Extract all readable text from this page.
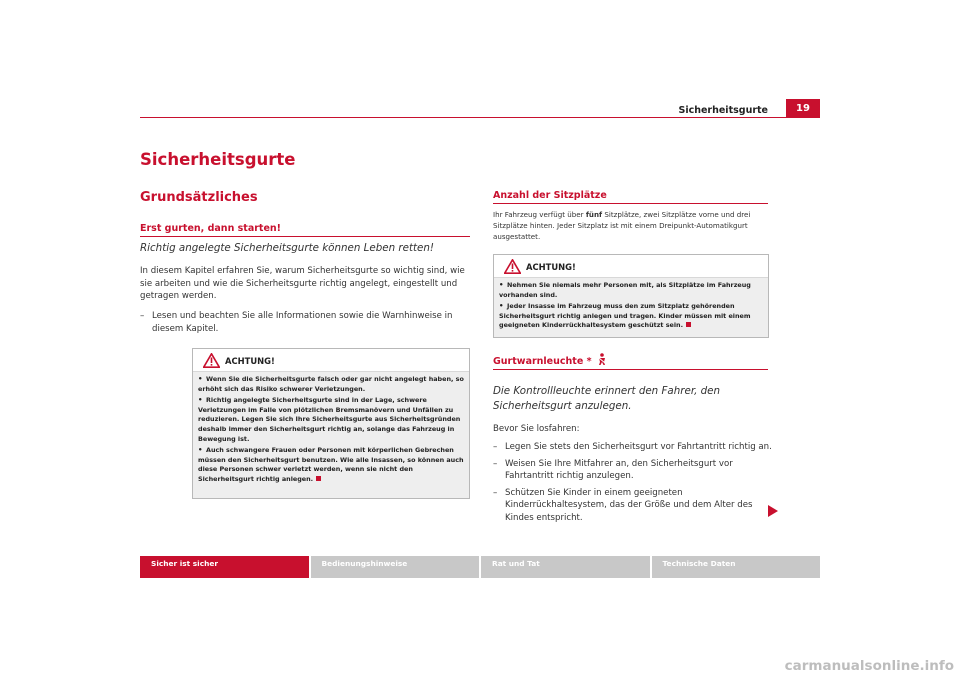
Sicherheitsgurte	19
Sicherheitsgurte
Grundsätzliches
Erst gurten, dann starten!
Richtig angelegte Sicherheitsgurte können Leben retten!
In diesem Kapitel erfahren Sie, warum Sicherheitsgurte so wichtig sind, wie sie arbeiten und wie die Sicherheitsgurte richtig angelegt, eingestellt und getragen werden.
– Lesen und beachten Sie alle Informationen sowie die Warnhinweise in diesem Kapitel.
ACHTUNG!

• Wenn Sie die Sicherheitsgurte falsch oder gar nicht angelegt haben, so erhöht sich das Risiko schwerer Verletzungen.

• Richtig angelegte Sicherheitsgurte sind in der Lage, schwere Verletzungen im Falle von plötzlichen Bremsmanövern und Unfällen zu reduzieren. Legen Sie sich Ihre Sicherheitsgurte aus Sicherheitsgründen deshalb immer den Sicherheitsgurt richtig an, solange das Fahrzeug in Bewegung ist.

• Auch schwangere Frauen oder Personen mit körperlichen Gebrechen müssen den Sicherheitsgurt benutzen. Wie alle Insassen, so können auch diese Personen schwer verletzt werden, wenn sie nicht den Sicherheitsgurt richtig anlegen.

Anzahl der Sitzplätze
Ihr Fahrzeug verfügt über fünf Sitzplätze, zwei Sitzplätze vorne und drei Sitzplätze hinten. Jeder Sitzplatz ist mit einem Dreipunkt-Automatikgurt ausgestattet.
ACHTUNG!

• Nehmen Sie niemals mehr Personen mit, als Sitzplätze im Fahrzeug vorhanden sind.

• Jeder Insasse im Fahrzeug muss den zum Sitzplatz gehörenden Sicherheitsgurt richtig anlegen und tragen. Kinder müssen mit einem geeigneten Kinderrückhaltesystem geschützt sein.

Gurtwarnleuchte *
Die Kontrollleuchte erinnert den Fahrer, den Sicherheitsgurt anzulegen.
Bevor Sie losfahren:
– Legen Sie stets den Sicherheitsgurt vor Fahrtantritt richtig an.
– Weisen Sie Ihre Mitfahrer an, den Sicherheitsgurt vor Fahrtantritt richtig anzulegen.
– Schützen Sie Kinder in einem geeigneten Kinderrückhaltesystem, das der Größe und dem Alter des Kindes entspricht.
Sicher ist sicher	Bedienungshinweise	Rat und Tat	Technische Daten
carmanualsonline.info
